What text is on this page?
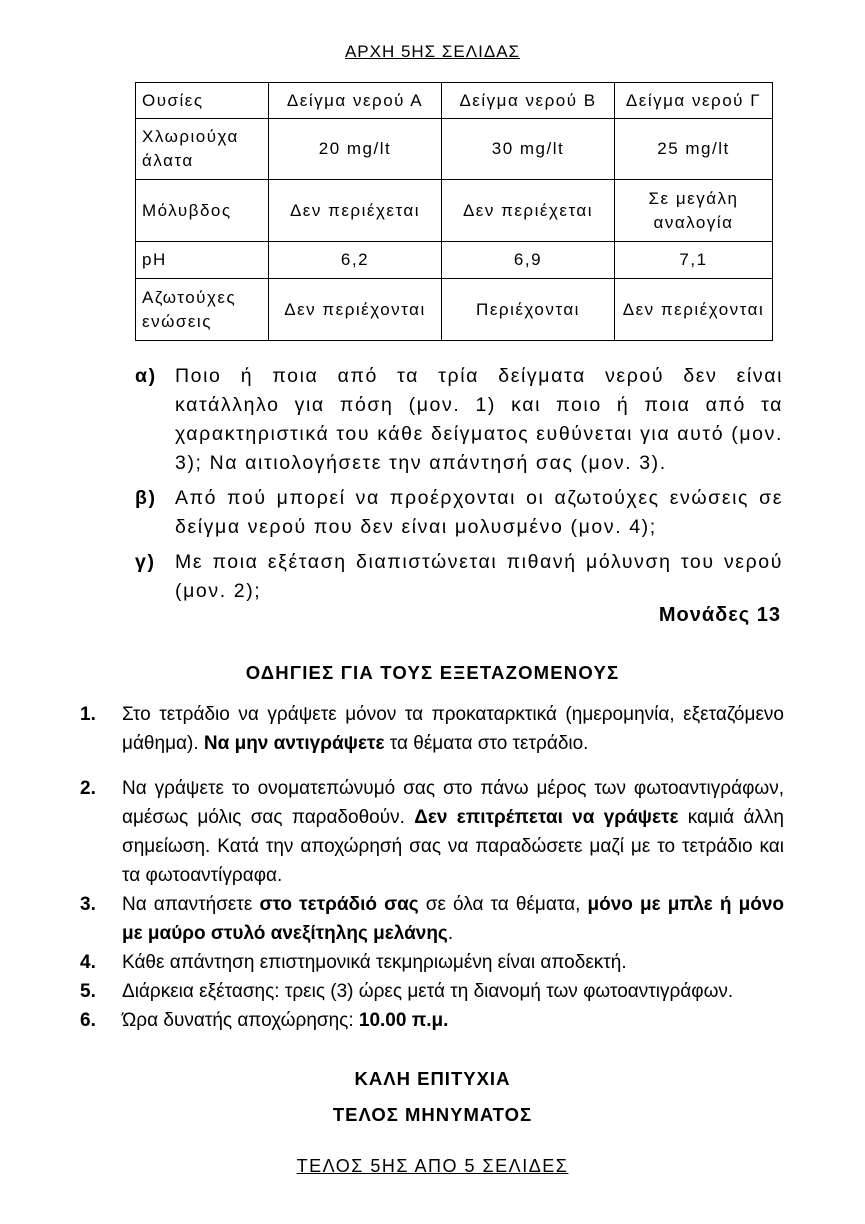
ΑΡΧΗ 5ΗΣ ΣΕΛΙΔΑΣ
Ουσίες	Δείγμα νερού Α	Δείγμα νερού Β	Δείγμα νερού Γ
Χλωριούχα άλατα	20 mg/lt	30 mg/lt	25 mg/lt
Μόλυβδος	Δεν περιέχεται	Δεν περιέχεται	Σε μεγάλη αναλογία
pH	6,2	6,9	7,1
Αζωτούχες ενώσεις	Δεν περιέχονται	Περιέχονται	Δεν περιέχονται
α) Ποιο ή ποια από τα τρία δείγματα νερού δεν είναι κατάλληλο για πόση (μον. 1) και ποιο ή ποια από τα χαρακτηριστικά του κάθε δείγματος ευθύνεται για αυτό (μον. 3); Να αιτιολογήσετε την απάντησή σας (μον. 3).
β) Από πού μπορεί να προέρχονται οι αζωτούχες ενώσεις σε δείγμα νερού που δεν είναι μολυσμένο (μον. 4);
γ) Με ποια εξέταση διαπιστώνεται πιθανή μόλυνση του νερού (μον. 2);
Μονάδες 13
ΟΔΗΓΙΕΣ ΓΙΑ ΤΟΥΣ ΕΞΕΤΑΖΟΜΕΝΟΥΣ
1.	Στο τετράδιο να γράψετε μόνον τα προκαταρκτικά (ημερομηνία, εξεταζόμενο μάθημα). Να μην αντιγράψετε τα θέματα στο τετράδιο.
2.	Να γράψετε το ονοματεπώνυμό σας στο πάνω μέρος των φωτοαντιγράφων, αμέσως μόλις σας παραδοθούν. Δεν επιτρέπεται να γράψετε καμιά άλλη σημείωση. Κατά την αποχώρησή σας να παραδώσετε μαζί με το τετράδιο και τα φωτοαντίγραφα.
3.	Να απαντήσετε στο τετράδιό σας σε όλα τα θέματα, μόνο με μπλε ή μόνο με μαύρο στυλό ανεξίτηλης μελάνης.
4.	Κάθε απάντηση επιστημονικά τεκμηριωμένη είναι αποδεκτή.
5.	Διάρκεια εξέτασης: τρεις (3) ώρες μετά τη διανομή των φωτοαντιγράφων.
6.	Ώρα δυνατής αποχώρησης: 10.00 π.μ.
ΚΑΛΗ ΕΠΙΤΥΧΙΑ
ΤΕΛΟΣ ΜΗΝΥΜΑΤΟΣ
ΤΕΛΟΣ 5ΗΣ ΑΠΟ 5 ΣΕΛΙΔΕΣ
